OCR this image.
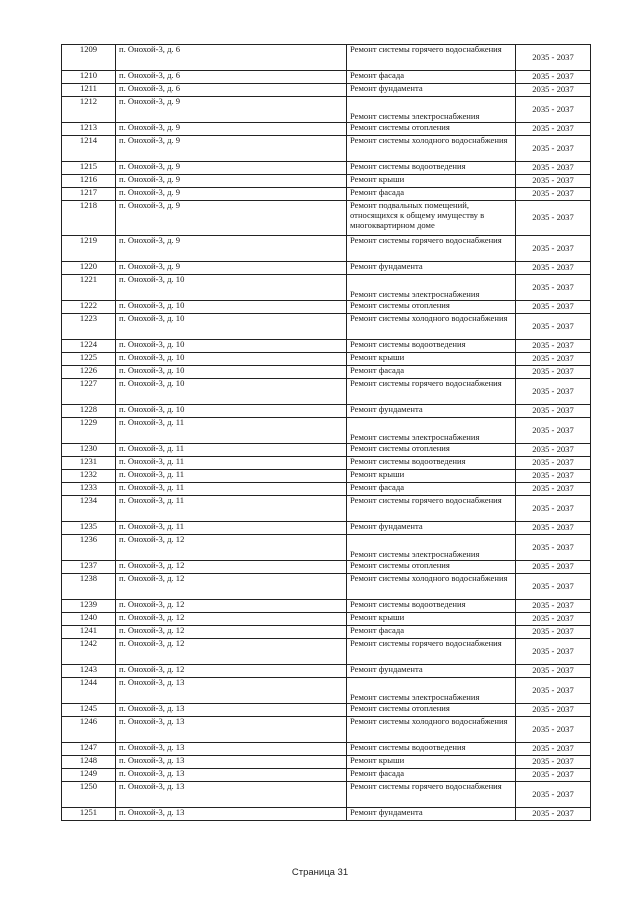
1209	п. Онохой-3, д. 6	Ремонт системы горячего водоснабжения	2035 - 2037
1210	п. Онохой-3, д. 6	Ремонт фасада	2035 - 2037
1211	п. Онохой-3, д. 6	Ремонт фундамента	2035 - 2037
1212	п. Онохой-3, д. 9	Ремонт системы электроснабжения	2035 - 2037
1213	п. Онохой-3, д. 9	Ремонт системы отопления	2035 - 2037
1214	п. Онохой-3, д. 9	Ремонт системы холодного водоснабжения	2035 - 2037
1215	п. Онохой-3, д. 9	Ремонт системы водоотведения	2035 - 2037
1216	п. Онохой-3, д. 9	Ремонт крыши	2035 - 2037
1217	п. Онохой-3, д. 9	Ремонт фасада	2035 - 2037
1218	п. Онохой-3, д. 9	Ремонт подвальных помещений, относящихся к общему имуществу в многоквартирном доме	2035 - 2037
1219	п. Онохой-3, д. 9	Ремонт системы горячего водоснабжения	2035 - 2037
1220	п. Онохой-3, д. 9	Ремонт фундамента	2035 - 2037
1221	п. Онохой-3, д. 10	Ремонт системы электроснабжения	2035 - 2037
1222	п. Онохой-3, д. 10	Ремонт системы отопления	2035 - 2037
1223	п. Онохой-3, д. 10	Ремонт системы холодного водоснабжения	2035 - 2037
1224	п. Онохой-3, д. 10	Ремонт системы водоотведения	2035 - 2037
1225	п. Онохой-3, д. 10	Ремонт крыши	2035 - 2037
1226	п. Онохой-3, д. 10	Ремонт фасада	2035 - 2037
1227	п. Онохой-3, д. 10	Ремонт системы горячего водоснабжения	2035 - 2037
1228	п. Онохой-3, д. 10	Ремонт фундамента	2035 - 2037
1229	п. Онохой-3, д. 11	Ремонт системы электроснабжения	2035 - 2037
1230	п. Онохой-3, д. 11	Ремонт системы отопления	2035 - 2037
1231	п. Онохой-3, д. 11	Ремонт системы водоотведения	2035 - 2037
1232	п. Онохой-3, д. 11	Ремонт крыши	2035 - 2037
1233	п. Онохой-3, д. 11	Ремонт фасада	2035 - 2037
1234	п. Онохой-3, д. 11	Ремонт системы горячего водоснабжения	2035 - 2037
1235	п. Онохой-3, д. 11	Ремонт фундамента	2035 - 2037
1236	п. Онохой-3, д. 12	Ремонт системы электроснабжения	2035 - 2037
1237	п. Онохой-3, д. 12	Ремонт системы отопления	2035 - 2037
1238	п. Онохой-3, д. 12	Ремонт системы холодного водоснабжения	2035 - 2037
1239	п. Онохой-3, д. 12	Ремонт системы водоотведения	2035 - 2037
1240	п. Онохой-3, д. 12	Ремонт крыши	2035 - 2037
1241	п. Онохой-3, д. 12	Ремонт фасада	2035 - 2037
1242	п. Онохой-3, д. 12	Ремонт системы горячего водоснабжения	2035 - 2037
1243	п. Онохой-3, д. 12	Ремонт фундамента	2035 - 2037
1244	п. Онохой-3, д. 13	Ремонт системы электроснабжения	2035 - 2037
1245	п. Онохой-3, д. 13	Ремонт системы отопления	2035 - 2037
1246	п. Онохой-3, д. 13	Ремонт системы холодного водоснабжения	2035 - 2037
1247	п. Онохой-3, д. 13	Ремонт системы водоотведения	2035 - 2037
1248	п. Онохой-3, д. 13	Ремонт крыши	2035 - 2037
1249	п. Онохой-3, д. 13	Ремонт фасада	2035 - 2037
1250	п. Онохой-3, д. 13	Ремонт системы горячего водоснабжения	2035 - 2037
1251	п. Онохой-3, д. 13	Ремонт фундамента	2035 - 2037
Страница 31
